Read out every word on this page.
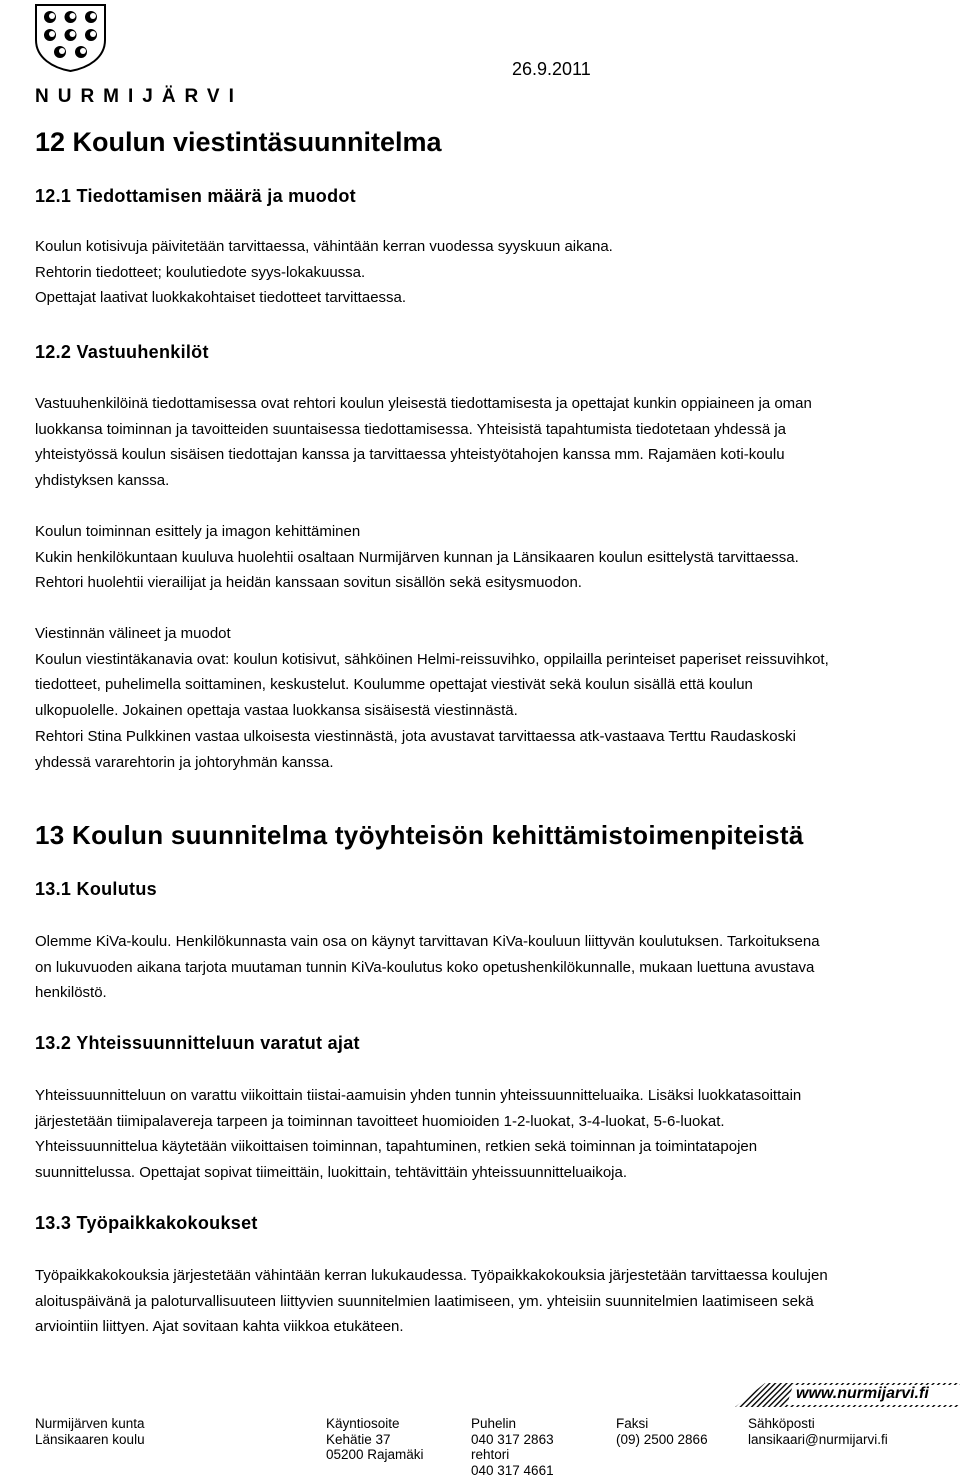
NURMIJÄRVI
26.9.2011
12 Koulun viestintäsuunnitelma
12.1 Tiedottamisen määrä ja muodot
Koulun kotisivuja päivitetään tarvittaessa, vähintään kerran vuodessa syyskuun aikana.
Rehtorin tiedotteet; koulutiedote syys-lokakuussa.
Opettajat laativat luokkakohtaiset tiedotteet tarvittaessa.
12.2 Vastuuhenkilöt
Vastuuhenkilöinä tiedottamisessa ovat rehtori koulun yleisestä tiedottamisesta ja opettajat kunkin oppiaineen ja oman
luokkansa toiminnan ja tavoitteiden suuntaisessa tiedottamisessa. Yhteisistä tapahtumista tiedotetaan yhdessä ja
yhteistyössä koulun sisäisen tiedottajan kanssa ja tarvittaessa yhteistyötahojen kanssa mm. Rajamäen koti-koulu
yhdistyksen kanssa.
Koulun toiminnan esittely ja imagon kehittäminen
Kukin henkilökuntaan kuuluva huolehtii osaltaan Nurmijärven kunnan ja Länsikaaren koulun esittelystä tarvittaessa.
Rehtori huolehtii vierailijat ja heidän kanssaan sovitun sisällön sekä esitysmuodon.
Viestinnän välineet ja muodot
Koulun viestintäkanavia ovat: koulun kotisivut, sähköinen Helmi-reissuvihko, oppilailla perinteiset paperiset reissuvihkot,
tiedotteet, puhelimella soittaminen, keskustelut. Koulumme opettajat viestivät sekä koulun sisällä että koulun
ulkopuolelle. Jokainen opettaja vastaa luokkansa sisäisestä viestinnästä.
Rehtori Stina Pulkkinen vastaa ulkoisesta viestinnästä, jota avustavat tarvittaessa atk-vastaava Terttu Raudaskoski
yhdessä vararehtorin ja johtoryhmän kanssa.
13 Koulun suunnitelma työyhteisön kehittämistoimenpiteistä
13.1 Koulutus
Olemme KiVa-koulu. Henkilökunnasta vain osa on käynyt tarvittavan KiVa-kouluun liittyvän koulutuksen. Tarkoituksena
on lukuvuoden aikana tarjota muutaman tunnin KiVa-koulutus koko opetushenkilökunnalle, mukaan luettuna avustava
henkilöstö.
13.2 Yhteissuunnitteluun varatut ajat
Yhteissuunnitteluun on varattu viikoittain tiistai-aamuisin yhden tunnin yhteissuunnitteluaika. Lisäksi luokkatasoittain
järjestetään tiimipalavereja tarpeen ja toiminnan tavoitteet huomioiden 1-2-luokat, 3-4-luokat, 5-6-luokat.
Yhteissuunnittelua käytetään viikoittaisen toiminnan, tapahtuminen, retkien sekä toiminnan ja toimintatapojen
suunnittelussa. Opettajat sopivat tiimeittäin, luokittain, tehtävittäin yhteissuunnitteluaikoja.
13.3 Työpaikkakokoukset
Työpaikkakokouksia järjestetään vähintään kerran lukukaudessa. Työpaikkakokouksia järjestetään tarvittaessa koulujen
aloituspäivänä ja paloturvallisuuteen liittyvien suunnitelmien laatimiseen, ym. yhteisiin suunnitelmien laatimiseen sekä
arviointiin liittyen. Ajat sovitaan kahta viikkoa etukäteen.
www.nurmijarvi.fi
Nurmijärven kunta
Länsikaaren koulu
Käyntiosoite
Kehätie 37
05200 Rajamäki
Puhelin
040 317 2863
rehtori
040 317 4661
Faksi
(09) 2500 2866
Sähköposti
lansikaari@nurmijarvi.fi
